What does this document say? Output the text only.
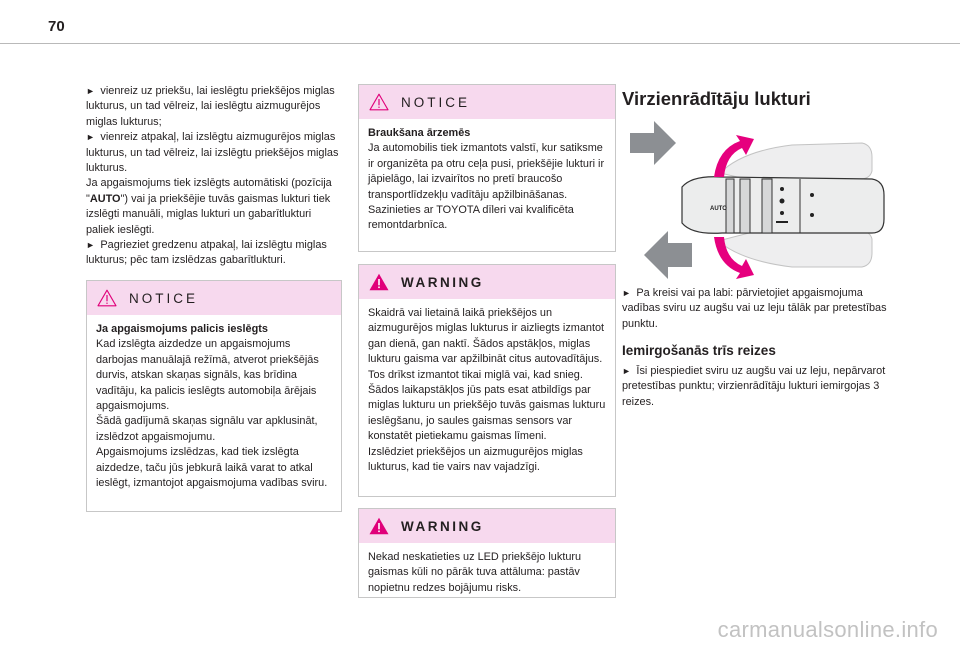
70

► vienreiz uz priekšu, lai ieslēgtu priekšējos miglas lukturus, un tad vēlreiz, lai ieslēgtu aizmugurējos miglas lukturus;

► vienreiz atpakaļ, lai izslēgtu aizmugurējos miglas lukturus, un tad vēlreiz, lai izslēgtu priekšējos miglas lukturus.

Ja apgaismojums tiek izslēgts automātiski (pozīcija "AUTO") vai ja priekšējie tuvās gaismas lukturi tiek izslēgti manuāli, miglas lukturi un gabarītlukturi paliek ieslēgti.

► Pagrieziet gredzenu atpakaļ, lai izslēgtu miglas lukturus; pēc tam izslēdzas gabarītlukturi.

NOTICE

Ja apgaismojums palicis ieslēgts

Kad izslēgta aizdedze un apgaismojums darbojas manuālajā režīmā, atverot priekšējās durvis, atskan skaņas signāls, kas brīdina vadītāju, ka palicis ieslēgts automobiļa ārējais apgaismojums.

Šādā gadījumā skaņas signālu var apklusināt, izslēdzot apgaismojumu.

Apgaismojums izslēdzas, kad tiek izslēgta aizdedze, taču jūs jebkurā laikā varat to atkal ieslēgt, izmantojot apgaismojuma vadības sviru.

NOTICE

Braukšana ārzemēs

Ja automobilis tiek izmantots valstī, kur satiksme ir organizēta pa otru ceļa pusi, priekšējie lukturi ir jāpielāgo, lai izvairītos no pretī braucošo transportlīdzekļu vadītāju apžilbināšanas.

Sazinieties ar TOYOTA dīleri vai kvalificēta remontdarbnīca.

WARNING

Skaidrā vai lietainā laikā priekšējos un aizmugurējos miglas lukturus ir aizliegts izmantot gan dienā, gan naktī. Šādos apstākļos, miglas lukturu gaisma var apžilbināt citus autovadītājus. Tos drīkst izmantot tikai miglā vai, kad snieg.

Šādos laikapstākļos jūs pats esat atbildīgs par miglas lukturu un priekšējo tuvās gaismas lukturu ieslēgšanu, jo saules gaismas sensors var konstatēt pietiekamu gaismas līmeni.

Izslēdziet priekšējos un aizmugurējos miglas lukturus, kad tie vairs nav vajadzīgi.

WARNING

Nekad neskatieties uz LED priekšējo lukturu gaismas kūli no pārāk tuva attāluma: pastāv nopietnu redzes bojājumu risks.

Virzienrādītāju lukturi
AUTO

► Pa kreisi vai pa labi: pārvietojiet apgaismojuma vadības sviru uz augšu vai uz leju tālāk par pretestības punktu.

Iemirgošanās trīs reizes

► Īsi piespiediet sviru uz augšu vai uz leju, nepārvarot pretestības punktu; virzienrādītāju lukturi iemirgojas 3 reizes.

carmanualsonline.info
